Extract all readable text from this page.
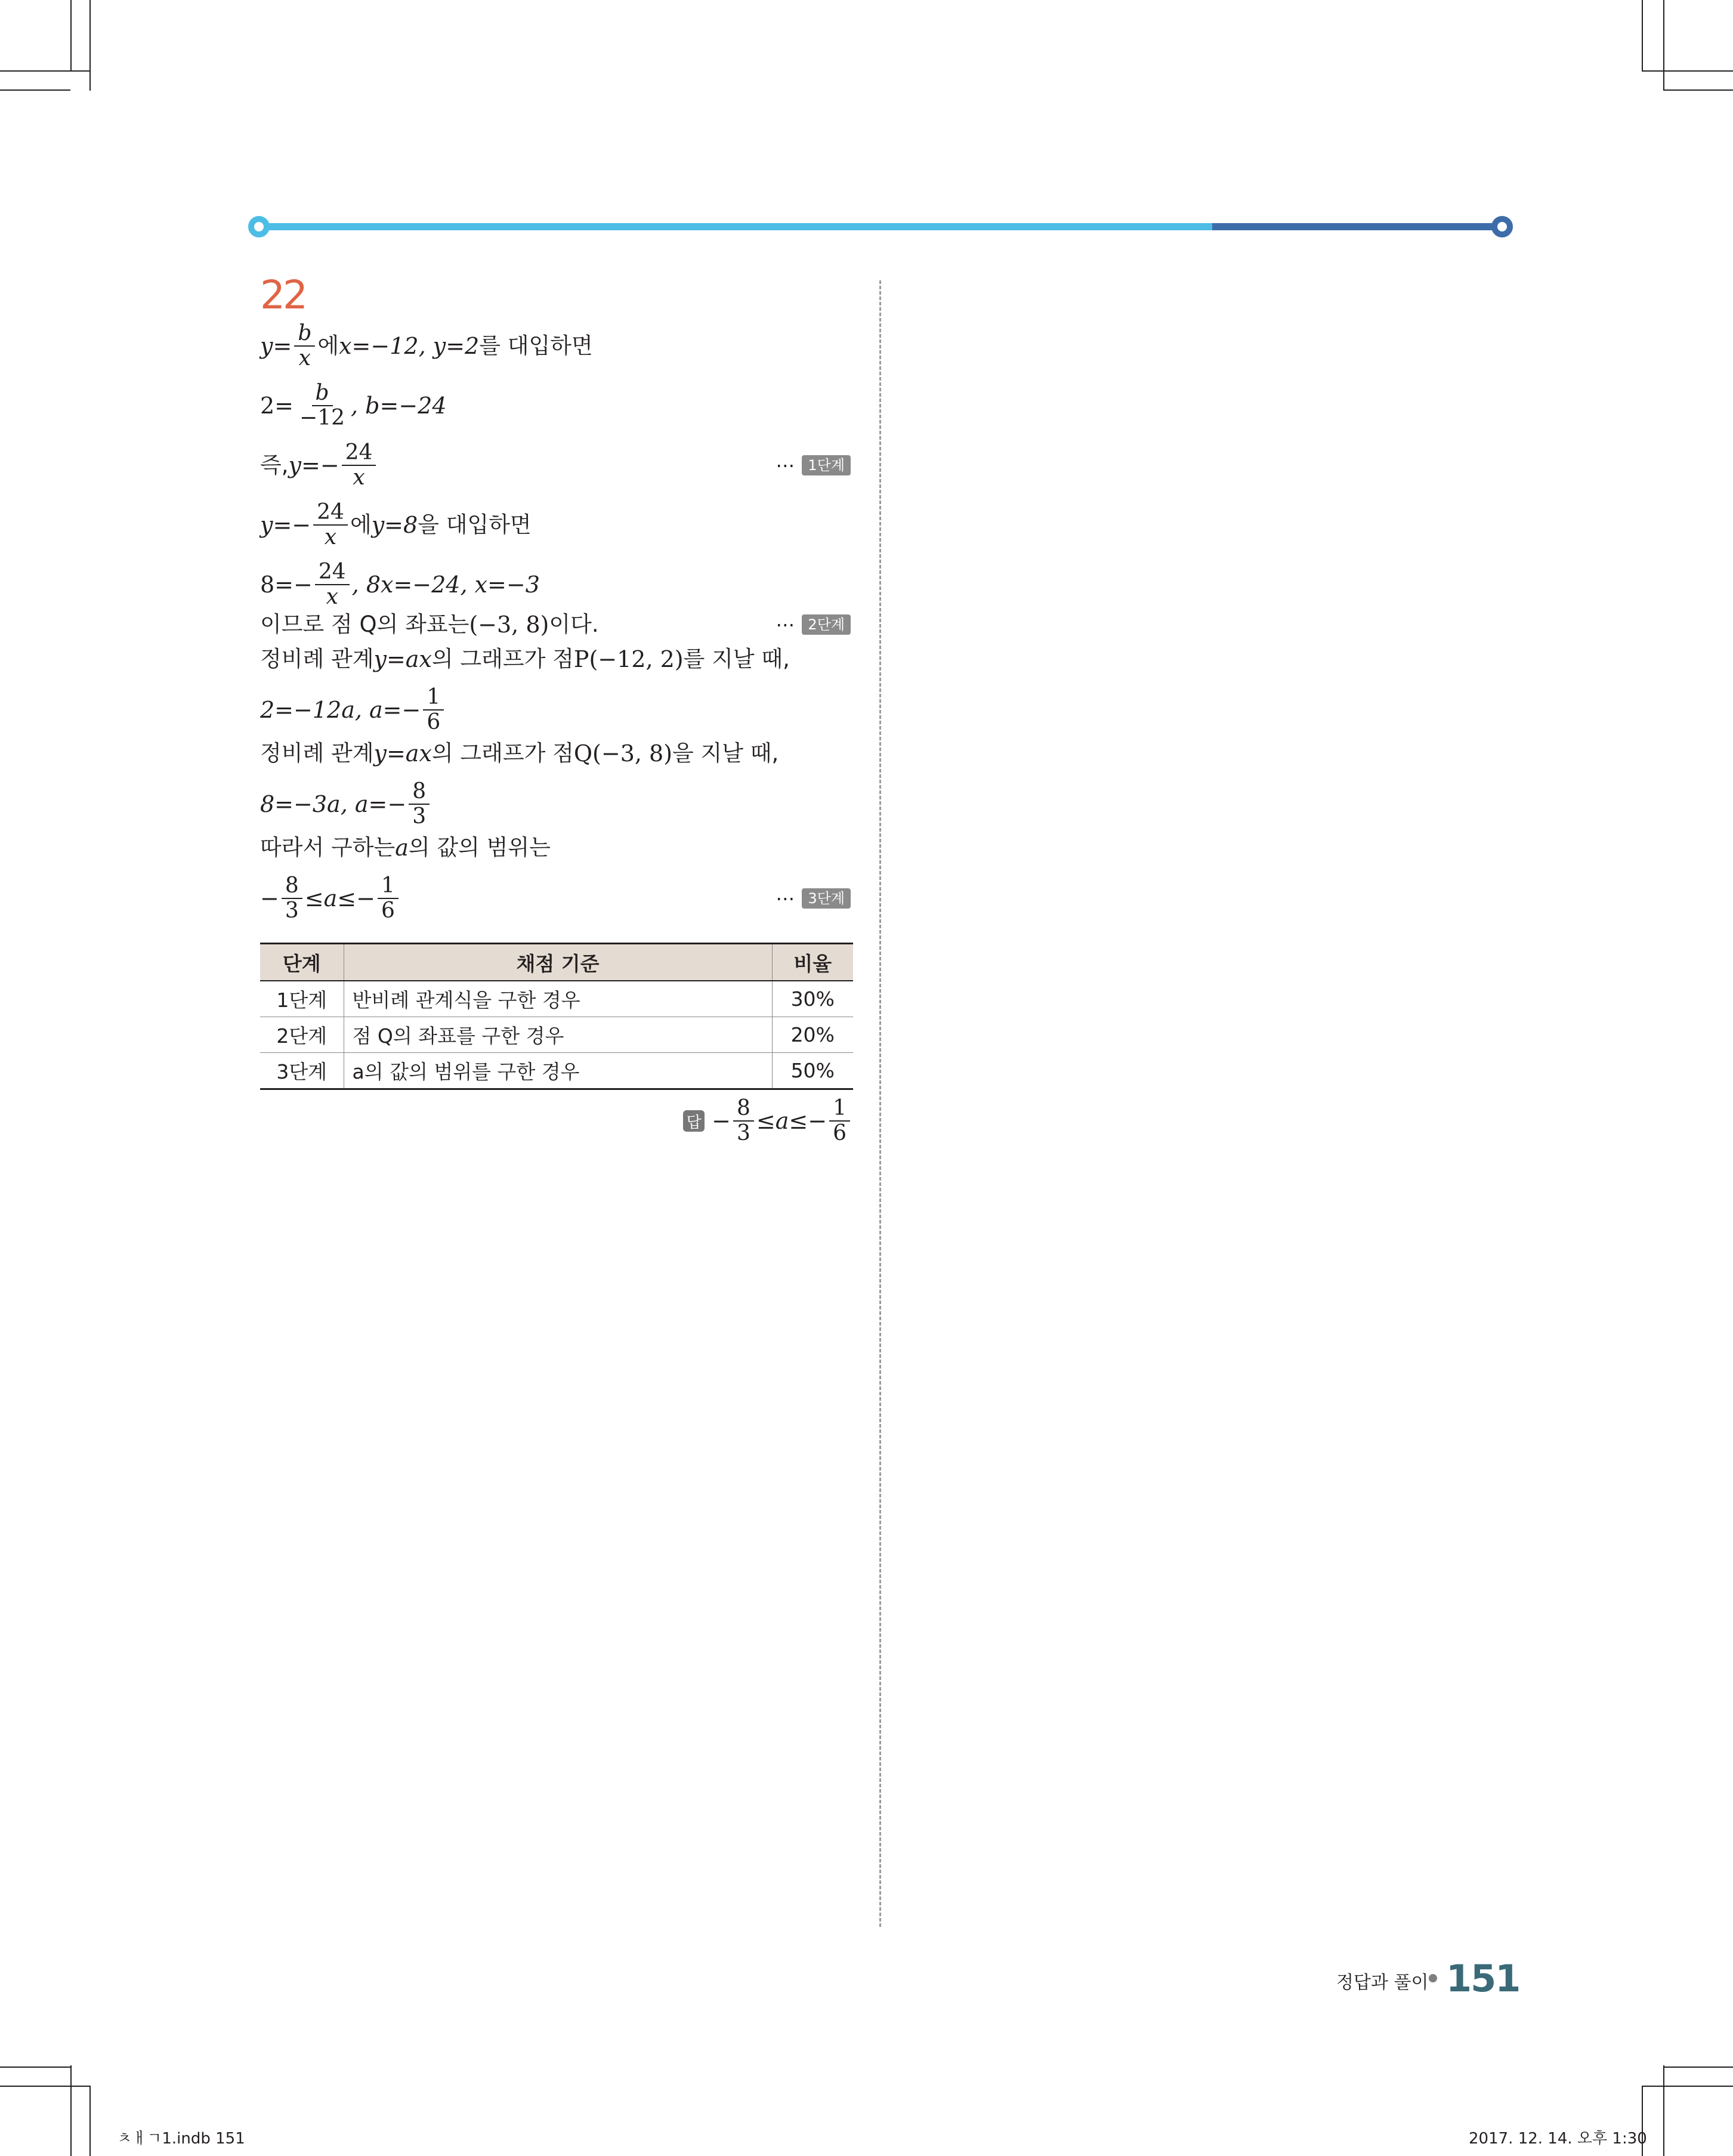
22
$y= \frac{b}{x}$ 에 x=−12, y=2 를 대입하면
$2= \frac{b}{-12}$ , b=−24
즉, $y=- \frac{24}{x}$	⋯ 1단계
$y=- \frac{24}{x}$ 에 y=8 을 대입하면
$8=- \frac{24}{x}$ , 8x=−24, x=−3
이므로 점 Q의 좌표는 (−3, 8) 이다.	⋯ 2단계
정비례 관계 y=ax 의 그래프가 점 P(−12, 2) 를 지날 때,
2=−12a, $a=- \frac{1}{6}$
정비례 관계 y=ax 의 그래프가 점 Q(−3, 8) 을 지날 때,
8=−3a, $a=- \frac{8}{3}$
따라서 구하는 a 의 값의 범위는
− $\frac{8}{3} \le a\le- \frac{1}{6}$	⋯ 3단계
단계	채점 기준	비율
1단계	반비례 관계식을 구한 경우	30%
2단계	점 Q의 좌표를 구한 경우	20%
3단계	a의 값의 범위를 구한 경우	50%
답 − $\frac{8}{3} \le a\le- \frac{1}{6}$
정답과 풀이 151
ㅊㅐㄱ1.indb 151	2017. 12. 14. 오후 1:30
